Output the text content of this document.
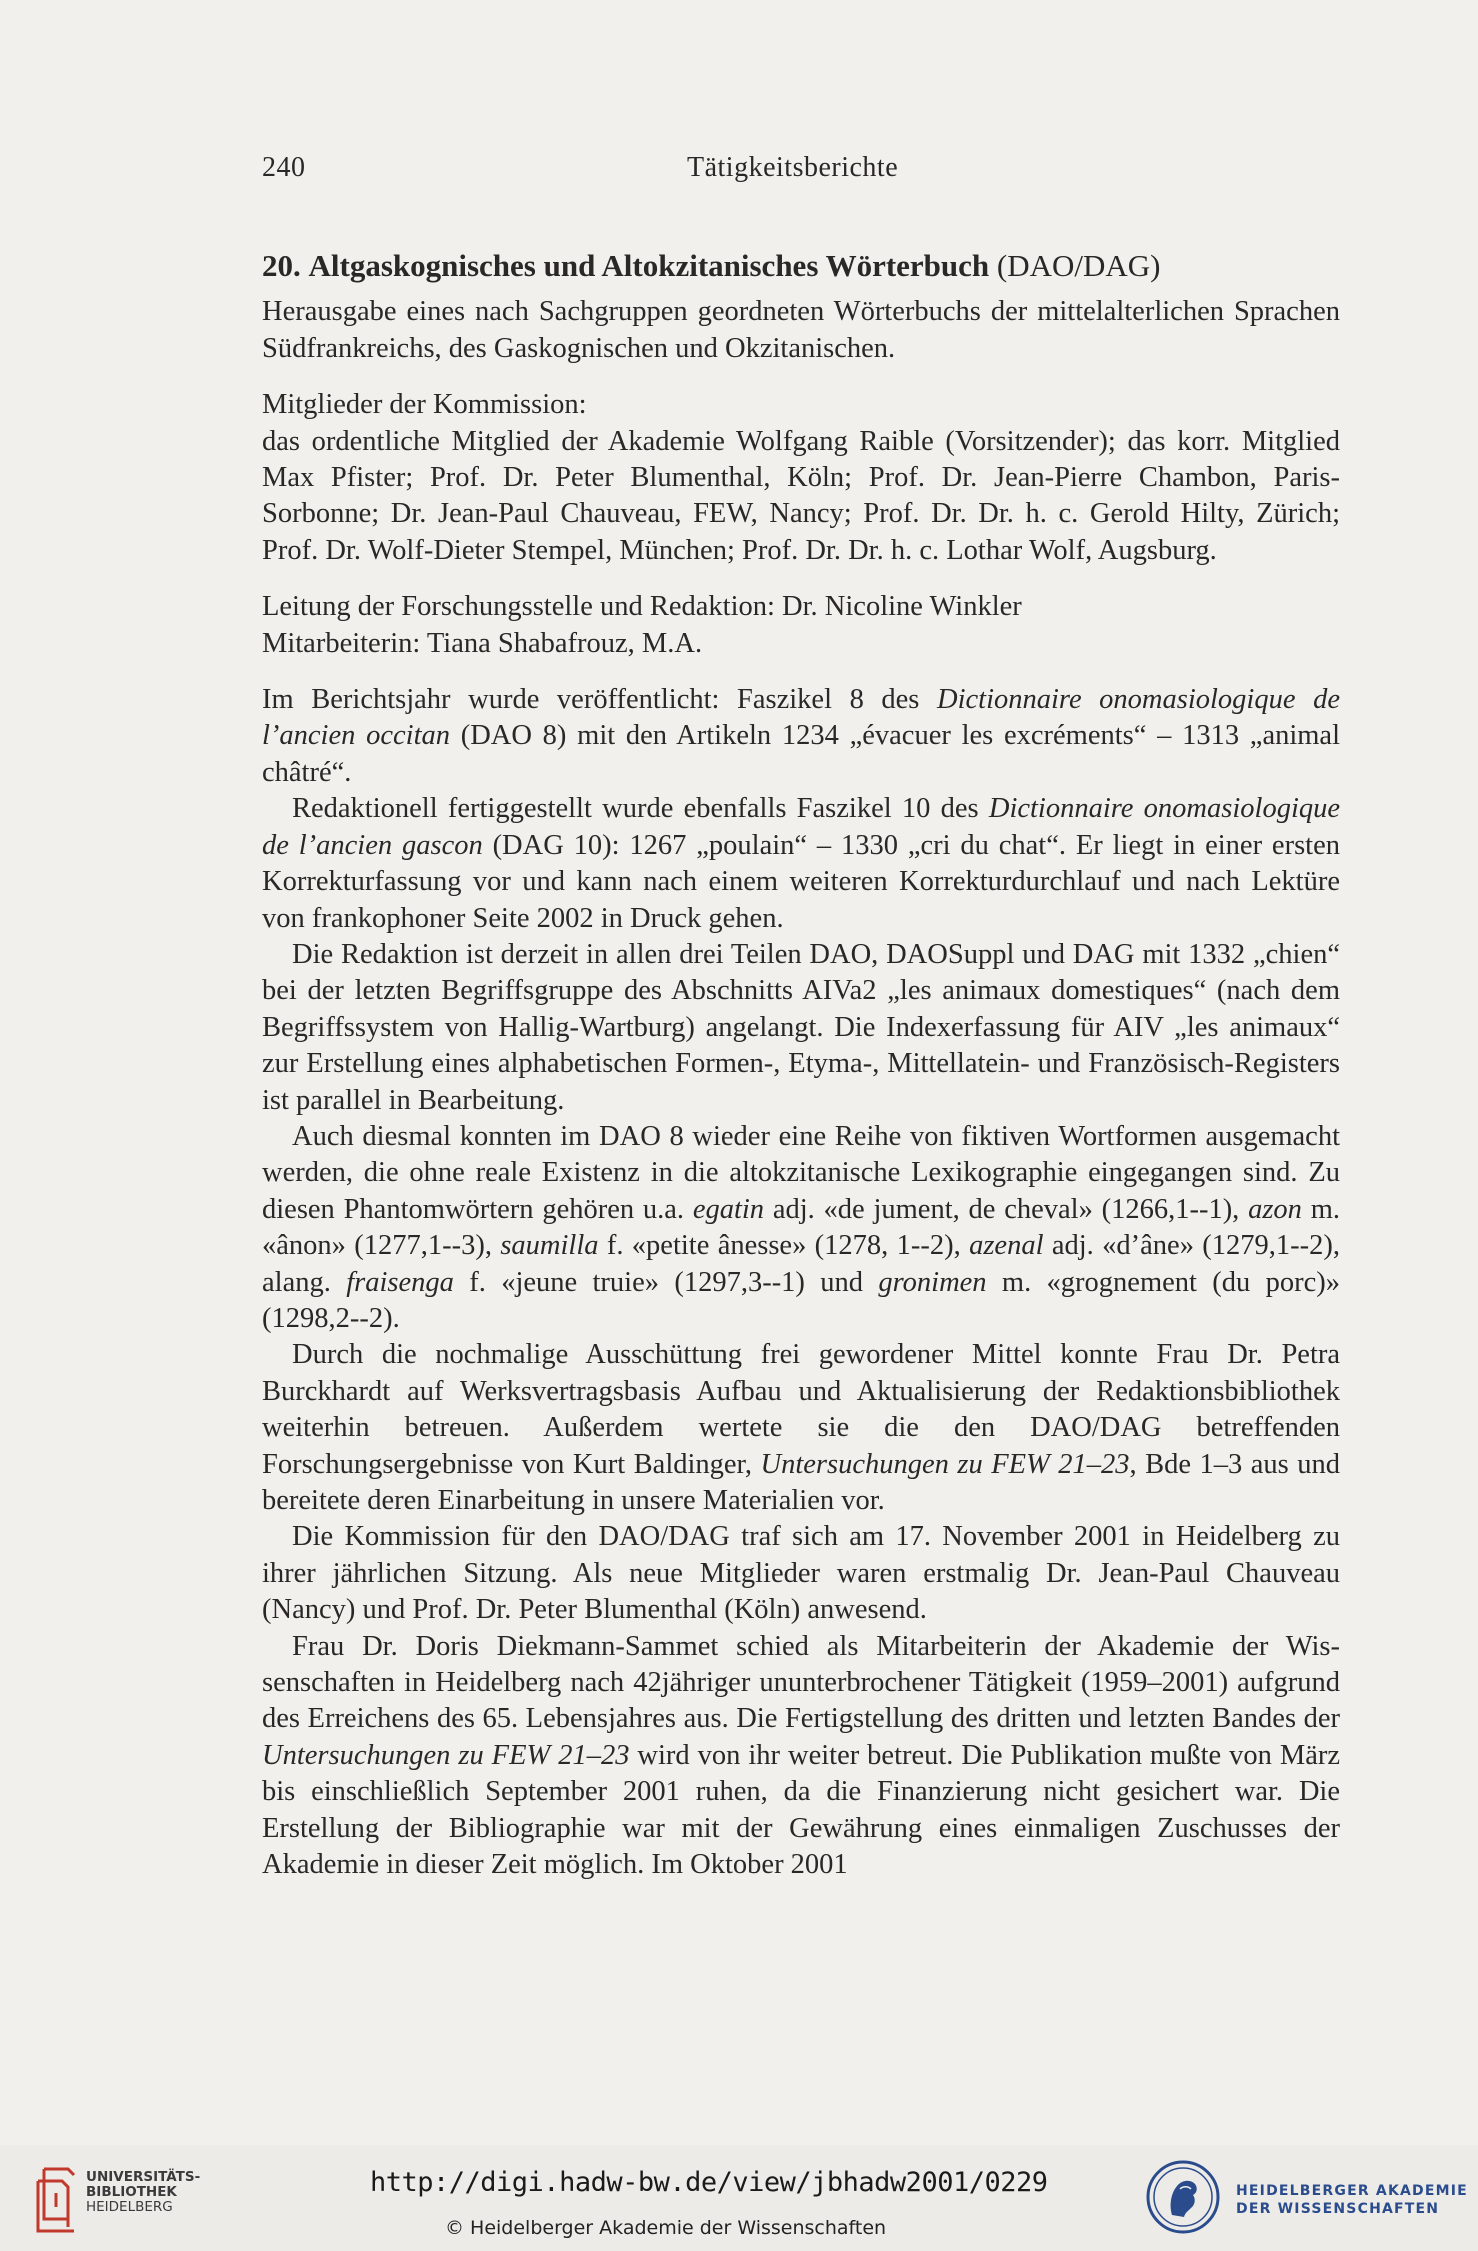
240	Tätigkeitsberichte

20. Altgaskognisches und Altokzitanisches Wörterbuch (DAO/DAG)

Herausgabe eines nach Sachgruppen geordneten Wörterbuchs der mittelalterlichen Sprachen Südfrankreichs, des Gaskognischen und Okzitanischen.

Mitglieder der Kommission:

das ordentliche Mitglied der Akademie Wolfgang Raible (Vorsitzender); das korr. Mitglied Max Pfister; Prof. Dr. Peter Blumenthal, Köln; Prof. Dr. Jean-Pierre Chambon, Paris-Sorbonne; Dr. Jean-Paul Chauveau, FEW, Nancy; Prof. Dr. Dr. h. c. Gerold Hilty, Zürich; Prof. Dr. Wolf-Dieter Stempel, München; Prof. Dr. Dr. h. c. Lothar Wolf, Augsburg.

Leitung der Forschungsstelle und Redaktion: Dr. Nicoline Winkler

Mitarbeiterin: Tiana Shabafrouz, M.A.

Im Berichtsjahr wurde veröffentlicht: Faszikel 8 des Dictionnaire onomasiologique de l’ancien occitan (DAO 8) mit den Artikeln 1234 „évacuer les excréments“ – 1313 „animal châtré“.

Redaktionell fertiggestellt wurde ebenfalls Faszikel 10 des Dictionnaire onomasiologique de l’ancien gascon (DAG 10): 1267 „poulain“ – 1330 „cri du chat“. Er liegt in einer ersten Korrekturfassung vor und kann nach einem weiteren Korrekturdurchlauf und nach Lektüre von frankophoner Seite 2002 in Druck gehen.

Die Redaktion ist derzeit in allen drei Teilen DAO, DAOSuppl und DAG mit 1332 „chien“ bei der letzten Begriffsgruppe des Abschnitts AIVa2 „les animaux domestiques“ (nach dem Begriffssystem von Hallig-Wartburg) angelangt. Die Indexerfassung für AIV „les animaux“ zur Erstellung eines alphabetischen Formen-, Etyma-, Mittellatein- und Französisch-Registers ist parallel in Bearbeitung.

Auch diesmal konnten im DAO 8 wieder eine Reihe von fiktiven Wortformen ausgemacht werden, die ohne reale Existenz in die altokzitanische Lexikographie eingegangen sind. Zu diesen Phantomwörtern gehören u.a. egatin adj. «de jument, de cheval» (1266,1--1), azon m. «ânon» (1277,1--3), saumilla f. «petite ânesse» (1278, 1--2), azenal adj. «d’âne» (1279,1--2), alang. fraisenga f. «jeune truie» (1297,3--1) und gronimen m. «grognement (du porc)» (1298,2--2).

Durch die nochmalige Ausschüttung frei gewordener Mittel konnte Frau Dr. Petra Burckhardt auf Werksvertragsbasis Aufbau und Aktualisierung der Redaktionsbibliothek weiterhin betreuen. Außerdem wertete sie die den DAO/DAG betreffenden Forschungsergebnisse von Kurt Baldinger, Untersuchungen zu FEW 21–23, Bde 1–3 aus und bereitete deren Einarbeitung in unsere Materialien vor.

Die Kommission für den DAO/DAG traf sich am 17. November 2001 in Heidelberg zu ihrer jährlichen Sitzung. Als neue Mitglieder waren erstmalig Dr. Jean-Paul Chauveau (Nancy) und Prof. Dr. Peter Blumenthal (Köln) anwesend.

Frau Dr. Doris Diekmann-Sammet schied als Mitarbeiterin der Akademie der Wissenschaften in Heidelberg nach 42jähriger ununterbrochener Tätigkeit (1959–2001) aufgrund des Erreichens des 65. Lebensjahres aus. Die Fertigstellung des dritten und letzten Bandes der Untersuchungen zu FEW 21–23 wird von ihr weiter betreut. Die Publikation mußte von März bis einschließlich September 2001 ruhen, da die Finanzierung nicht gesichert war. Die Erstellung der Bibliographie war mit der Gewährung eines einmaligen Zuschusses der Akademie in dieser Zeit möglich. Im Oktober 2001

UNIVERSITÄTS-
BIBLIOTHEK
HEIDELBERG
http://digi.hadw-bw.de/view/jbhadw2001/0229
© Heidelberger Akademie der Wissenschaften
HEIDELBERGER AKADEMIE
DER WISSENSCHAFTEN
